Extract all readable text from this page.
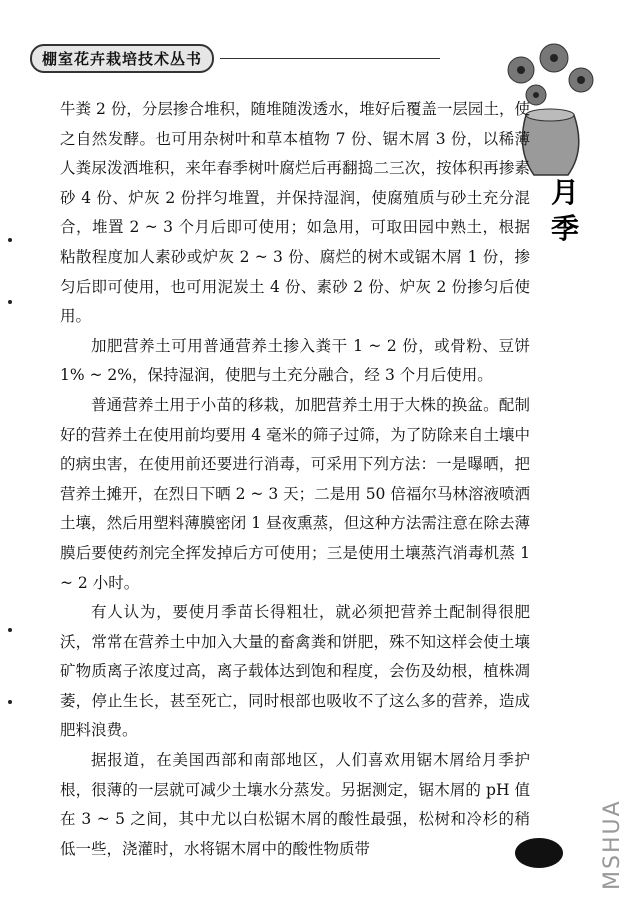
棚室花卉栽培技术丛书
月季

牛粪 2 份，分层掺合堆积，随堆随泼透水，堆好后覆盖一层园土，使之自然发酵。也可用杂树叶和草本植物 7 份、锯木屑 3 份，以稀薄人粪尿泼洒堆积，来年春季树叶腐烂后再翻捣二三次，按体积再掺素砂 4 份、炉灰 2 份拌匀堆置，并保持湿润，使腐殖质与砂土充分混合，堆置 2 ~ 3 个月后即可使用；如急用，可取田园中熟土，根据粘散程度加人素砂或炉灰 2 ~ 3 份、腐烂的树木或锯木屑 1 份，掺匀后即可使用，也可用泥炭土 4 份、素砂 2 份、炉灰 2 份掺匀后使用。

加肥营养土可用普通营养土掺入粪干 1 ~ 2 份，或骨粉、豆饼 1% ~ 2%，保持湿润，使肥与土充分融合，经 3 个月后使用。

普通营养土用于小苗的移栽，加肥营养土用于大株的换盆。配制好的营养土在使用前均要用 4 毫米的筛子过筛，为了防除来自土壤中的病虫害，在使用前还要进行消毒，可采用下列方法：一是曝晒，把营养土摊开，在烈日下晒 2 ~ 3 天；二是用 50 倍福尔马林溶液喷洒土壤，然后用塑料薄膜密闭 1 昼夜熏蒸，但这种方法需注意在除去薄膜后要使药剂完全挥发掉后方可使用；三是使用土壤蒸汽消毒机蒸 1 ~ 2 小时。

有人认为，要使月季苗长得粗壮，就必须把营养土配制得很肥沃，常常在营养土中加入大量的畜禽粪和饼肥，殊不知这样会使土壤矿物质离子浓度过高，离子载体达到饱和程度，会伤及幼根，植株凋萎，停止生长，甚至死亡，同时根部也吸收不了这么多的营养，造成肥料浪费。

据报道，在美国西部和南部地区，人们喜欢用锯木屑给月季护根，很薄的一层就可减少土壤水分蒸发。另据测定，锯木屑的 pH 值在 3 ~ 5 之间，其中尤以白松锯木屑的酸性最强，松树和冷杉的稍低一些，浇灌时，水将锯木屑中的酸性物质带	MSHUA
